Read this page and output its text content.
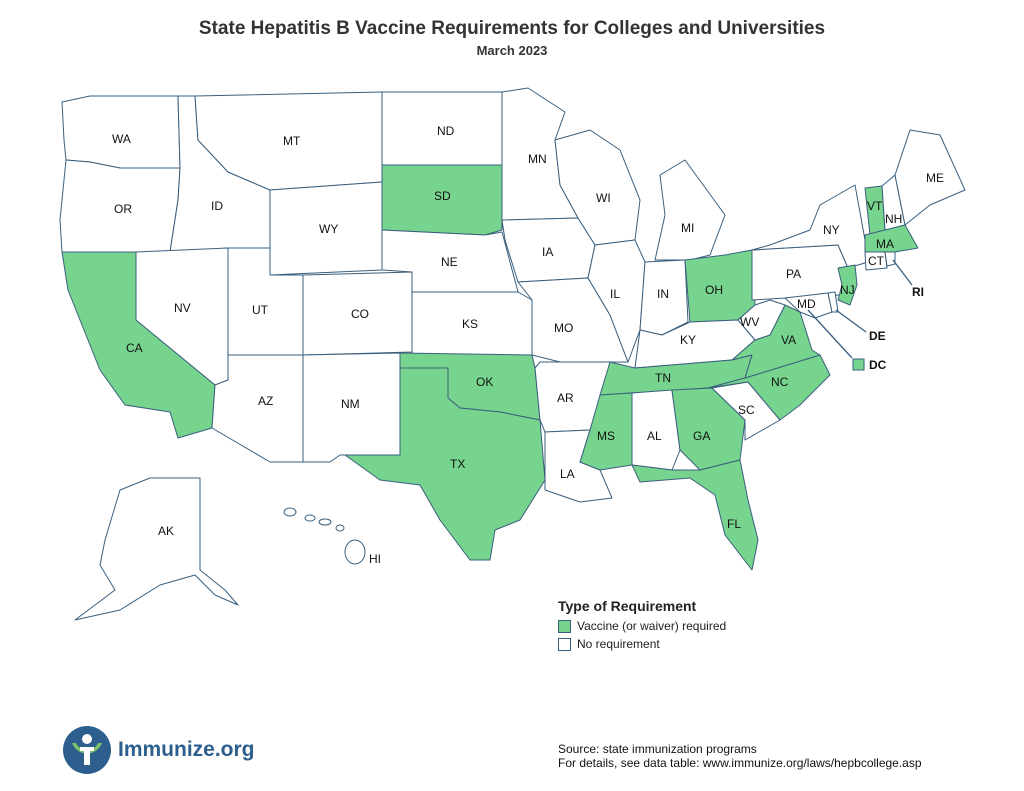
State Hepatitis B Vaccine Requirements for Colleges and Universities
March 2023
WA
OR
CA
ID
NV
MT
WY
UT
AZ
CO
NM
ND
SD
NE
KS
OK
TX
MN
IA
MO
AR
LA
WI
IL
MI
IN	OH
KY
TN
MS	AL	GA
FL
SC
NC
VA
WV
PA
NY
VT
NH
ME
MA
CT
RI
NJ
DE
MD
DC
AK
HI
Type of Requirement
Vaccine (or waiver) required
No requirement
Immunize.org	Source: state immunization programs
For details, see data table: www.immunize.org/laws/hepbcollege.asp
